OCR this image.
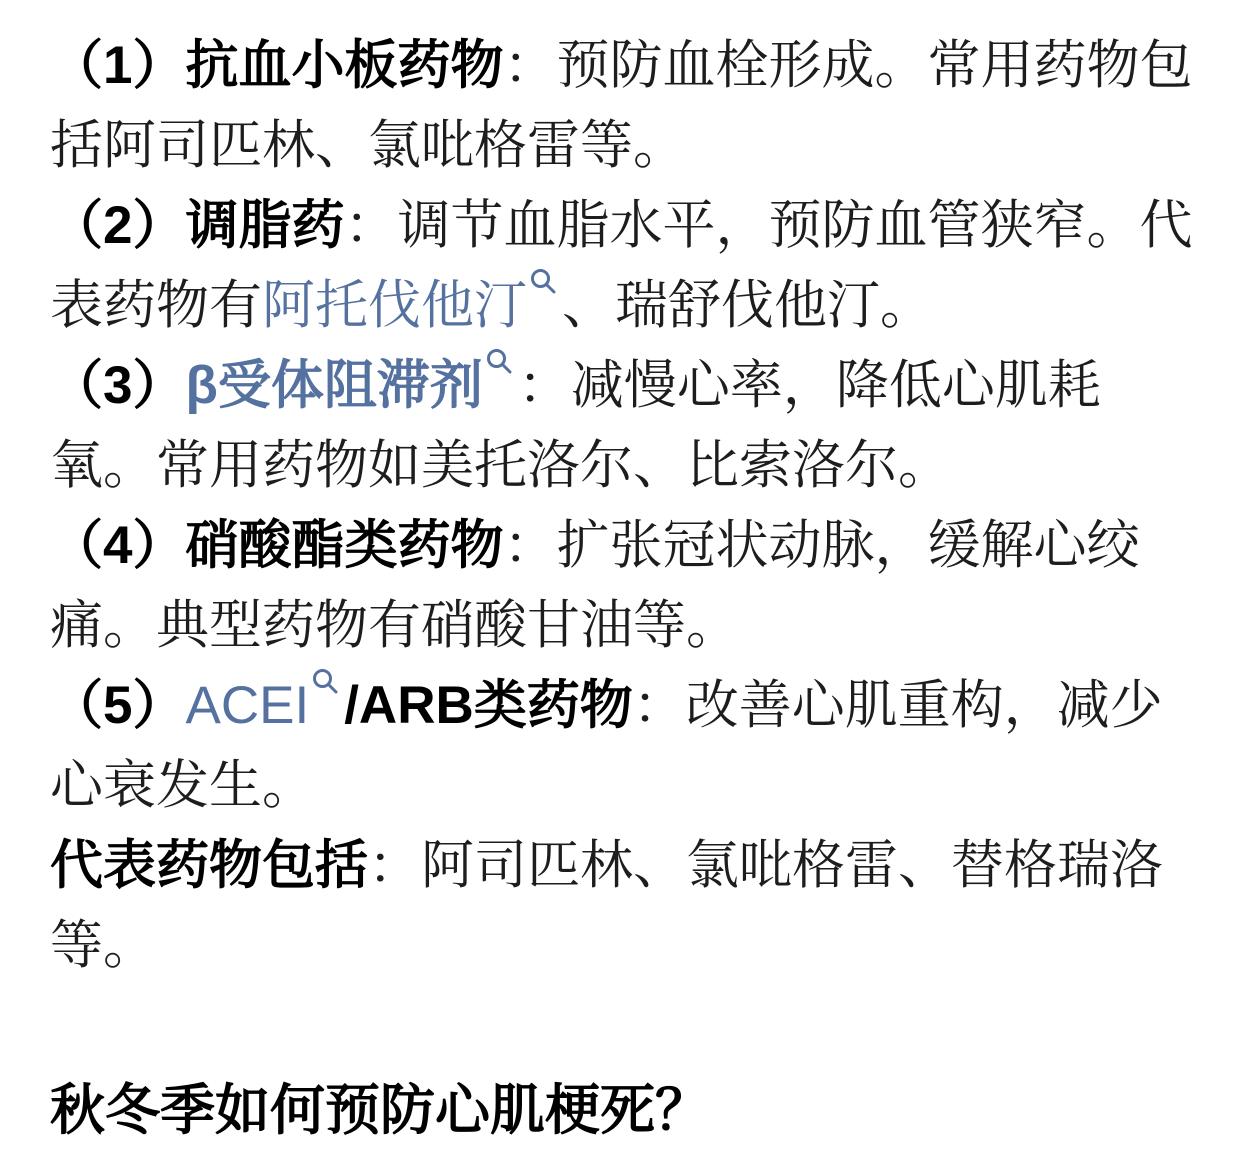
（1）抗血小板药物：预防血栓形成。常用药物包
括阿司匹林、氯吡格雷等。

（2）调脂药：调节血脂水平，预防血管狭窄。代
表药物有阿托伐他汀 、瑞舒伐他汀。

（3）β受体阻滞剂 ：减慢心率，降低心肌耗
氧。常用药物如美托洛尔、比索洛尔。

（4）硝酸酯类药物：扩张冠状动脉，缓解心绞
痛。典型药物有硝酸甘油等。

（5）ACEI /ARB类药物：改善心肌重构，减少
心衰发生。

代表药物包括：阿司匹林、氯吡格雷、替格瑞洛
等。

秋冬季如何预防心肌梗死？
